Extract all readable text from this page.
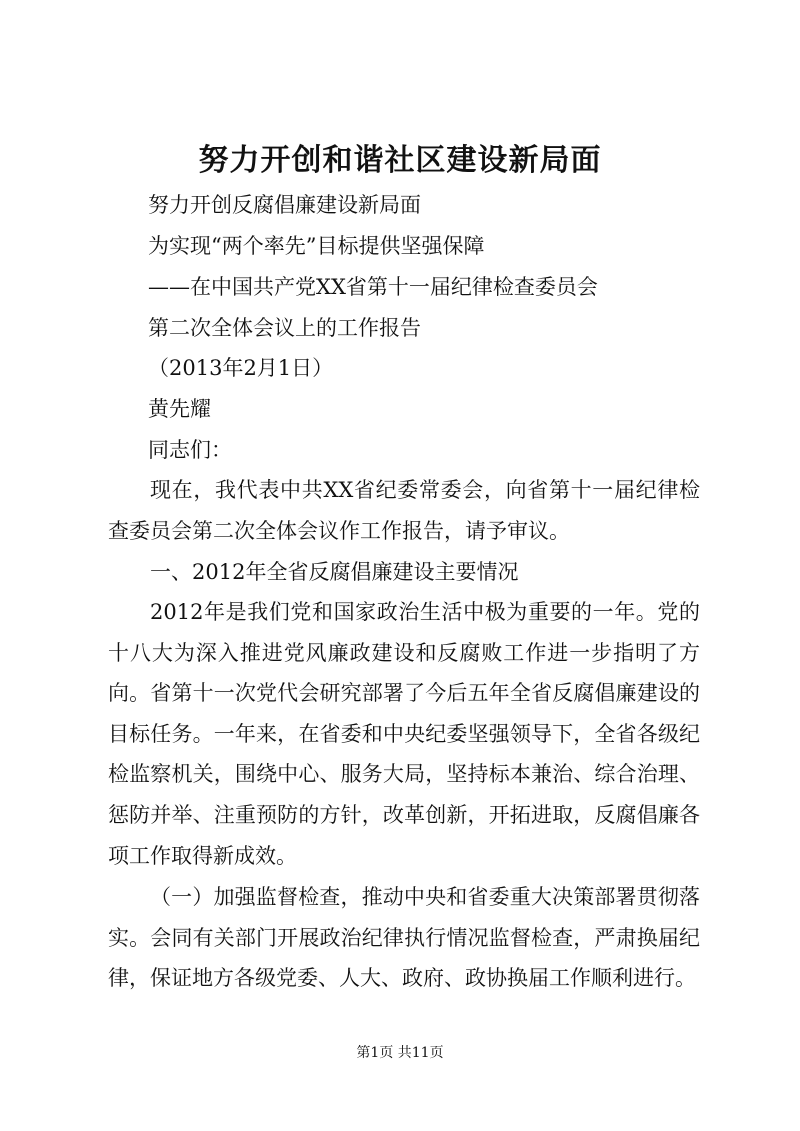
努力开创和谐社区建设新局面
努力开创反腐倡廉建设新局面
为实现“两个率先”目标提供坚强保障
——在中国共产党XX省第十一届纪律检查委员会
第二次全体会议上的工作报告
（2013年2月1日）
黄先耀
同志们：

现在，我代表中共XX省纪委常委会，向省第十一届纪律检查委员会第二次全体会议作工作报告，请予审议。

一、2012年全省反腐倡廉建设主要情况

2012年是我们党和国家政治生活中极为重要的一年。党的十八大为深入推进党风廉政建设和反腐败工作进一步指明了方向。省第十一次党代会研究部署了今后五年全省反腐倡廉建设的目标任务。一年来，在省委和中央纪委坚强领导下，全省各级纪检监察机关，围绕中心、服务大局，坚持标本兼治、综合治理、惩防并举、注重预防的方针，改革创新，开拓进取，反腐倡廉各项工作取得新成效。

（一）加强监督检查，推动中央和省委重大决策部署贯彻落实。会同有关部门开展政治纪律执行情况监督检查，严肃换届纪律，保证地方各级党委、人大、政府、政协换届工作顺利进行。

第1页 共11页
